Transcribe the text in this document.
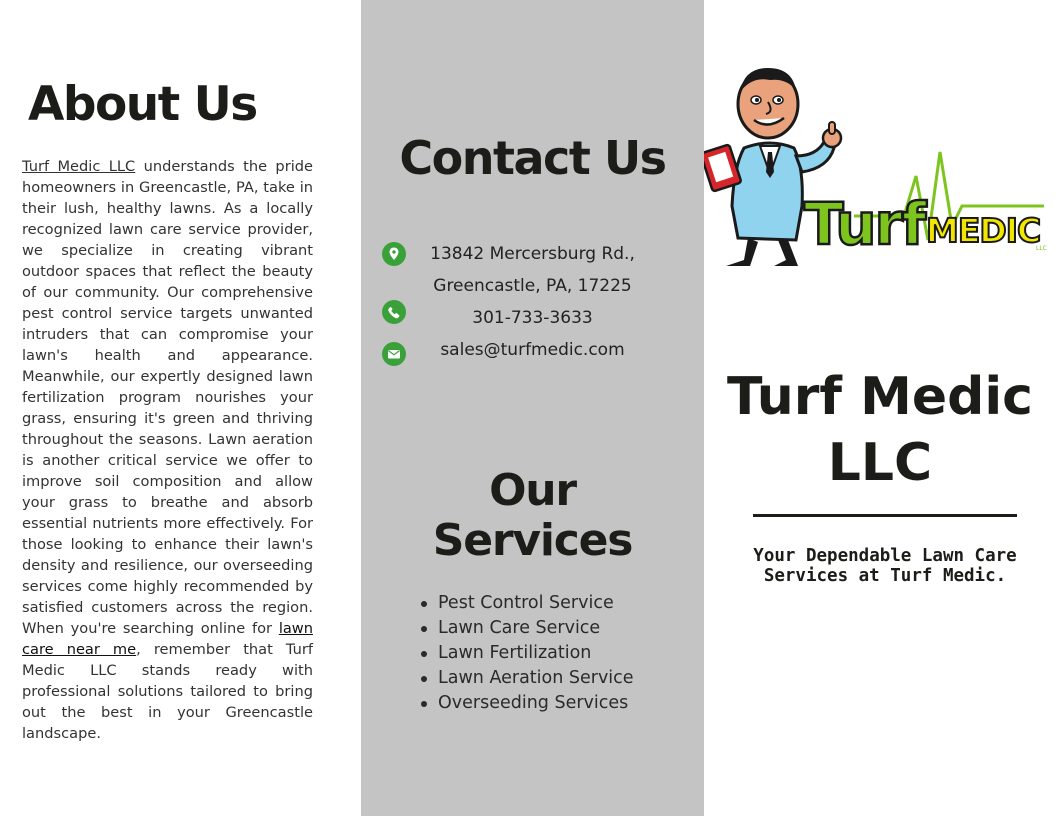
About Us

Turf Medic LLC understands the pride homeowners in Greencastle, PA, take in their lush, healthy lawns. As a locally recognized lawn care service provider, we specialize in creating vibrant outdoor spaces that reflect the beauty of our community. Our comprehensive pest control service targets unwanted intruders that can compromise your lawn's health and appearance. Meanwhile, our expertly designed lawn fertilization program nourishes your grass, ensuring it's green and thriving throughout the seasons. Lawn aeration is another critical service we offer to improve soil composition and allow your grass to breathe and absorb essential nutrients more effectively. For those looking to enhance their lawn's density and resilience, our overseeding services come highly recommended by satisfied customers across the region. When you're searching online for lawn care near me, remember that Turf Medic LLC stands ready with professional solutions tailored to bring out the best in your Greencastle landscape.

Contact Us
13842 Mercersburg Rd.,
Greencastle, PA, 17225
301-733-3633
sales@turfmedic.com
Our
Services
Pest Control Service
Lawn Care Service
Lawn Fertilization
Lawn Aeration Service
Overseeding Services
Turf MEDIC
LLC
Turf Medic
LLC

Your Dependable Lawn Care Services at Turf Medic.
